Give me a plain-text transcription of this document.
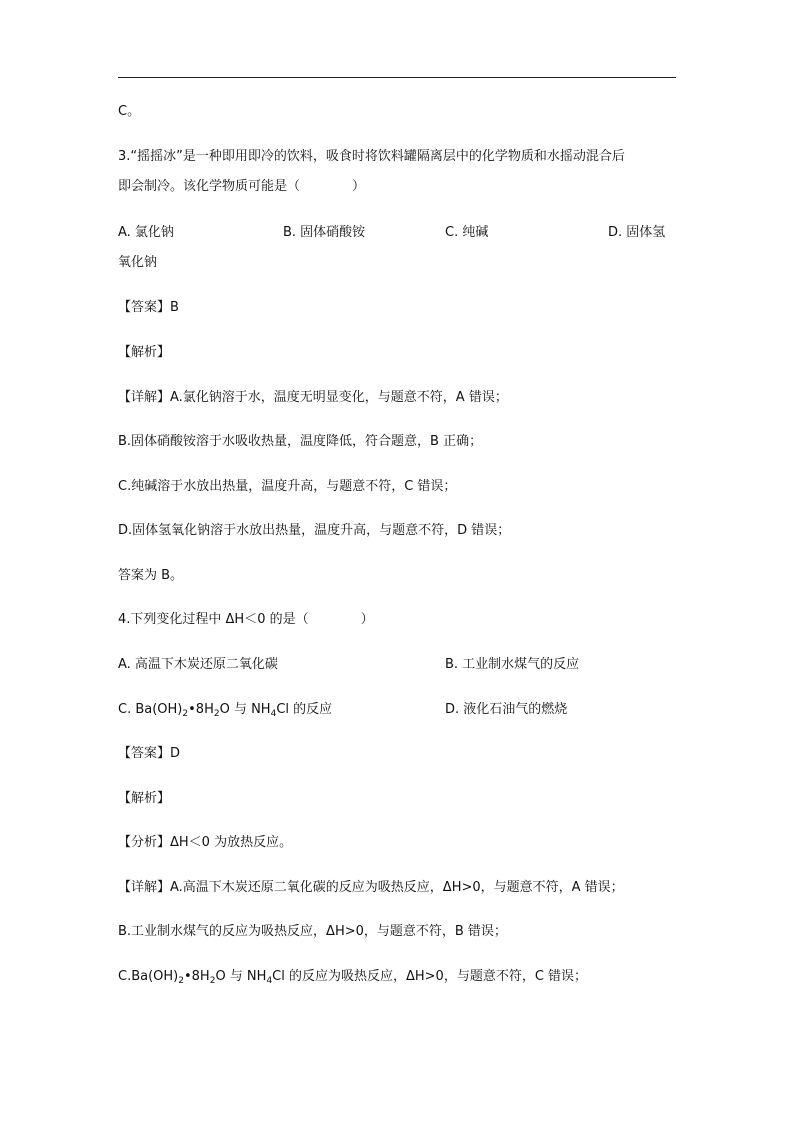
C。
3.“摇摇冰”是一种即用即冷的饮料，吸食时将饮料罐隔离层中的化学物质和水摇动混合后
即会制冷。该化学物质可能是（　　　　）
A. 氯化钠	B. 固体硝酸铵	C. 纯碱	D. 固体氢
氧化钠
【答案】B
【解析】
【详解】A.氯化钠溶于水，温度无明显变化，与题意不符，A 错误；
B.固体硝酸铵溶于水吸收热量，温度降低，符合题意，B 正确；
C.纯碱溶于水放出热量，温度升高，与题意不符，C 错误；
D.固体氢氧化钠溶于水放出热量，温度升高，与题意不符，D 错误；
答案为 B。
4.下列变化过程中 ΔH＜0 的是（　　　　）
A. 高温下木炭还原二氧化碳	B. 工业制水煤气的反应
C. $Ba(OH)_2•8H_2O$ 与 $NH_4Cl$ 的反应	D. 液化石油气的燃烧
【答案】D
【解析】
【分析】ΔH＜0 为放热反应。
【详解】A.高温下木炭还原二氧化碳的反应为吸热反应，ΔH>0，与题意不符，A 错误；
B.工业制水煤气的反应为吸热反应，ΔH>0，与题意不符，B 错误；
$C.Ba(OH)_2•8H_2O$ 与 $NH_4Cl$ 的反应为吸热反应，ΔH>0，与题意不符，C 错误；
